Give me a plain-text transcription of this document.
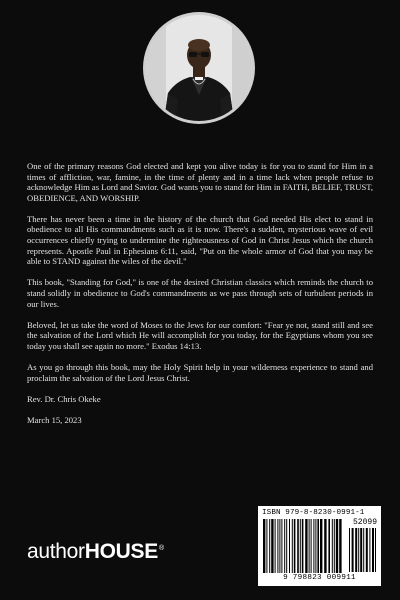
One of the primary reasons God elected and kept you alive today is for you to stand for Him in a times of affliction, war, famine, in the time of plenty and in a time lack when people refuse to acknowledge Him as Lord and Savior. God wants you to stand for Him in FAITH, BELIEF, TRUST, OBEDIENCE, AND WORSHIP.

There has never been a time in the history of the church that God needed His elect to stand in obedience to all His commandments such as it is now. There's a sudden, mysterious wave of evil occurrences chiefly trying to undermine the righteousness of God in Christ Jesus which the church represents. Apostle Paul in Ephesians 6:11, said, "Put on the whole armor of God that you may be able to STAND against the wiles of the devil."

This book, "Standing for God," is one of the desired Christian classics which reminds the church to stand solidly in obedience to God's commandments as we pass through sets of turbulent periods in our lives.

Beloved, let us take the word of Moses to the Jews for our comfort: "Fear ye not, stand still and see the salvation of the Lord which He will accomplish for you today, for the Egyptians whom you see today you shall see again no more." Exodus 14:13.

As you go through this book, may the Holy Spirit help in your wilderness experience to stand and proclaim the salvation of the Lord Jesus Christ.

Rev. Dr. Chris Okeke

March 15, 2023

authorHOUSE®
ISBN 979-8-8230-0991-1
52099
9 798823 009911
